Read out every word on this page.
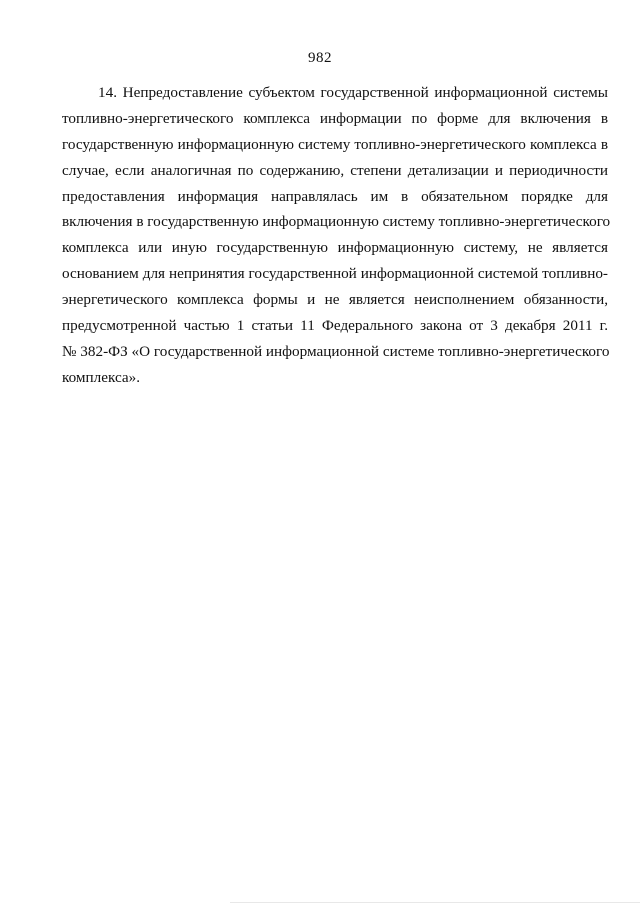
982
14. Непредоставление субъектом государственной информационной системы
топливно-энергетического комплекса информации по форме для включения в
государственную информационную систему топливно-энергетического комплекса в
случае, если аналогичная по содержанию, степени детализации и периодичности
предоставления информация направлялась им в обязательном порядке для
включения в государственную информационную систему топливно-энергетического
комплекса или иную государственную информационную систему, не является
основанием для непринятия государственной информационной системой топливно-
энергетического комплекса формы и не является неисполнением обязанности,
предусмотренной частью 1 статьи 11 Федерального закона от 3 декабря 2011 г.
№ 382-ФЗ «О государственной информационной системе топливно-энергетического
комплекса».
